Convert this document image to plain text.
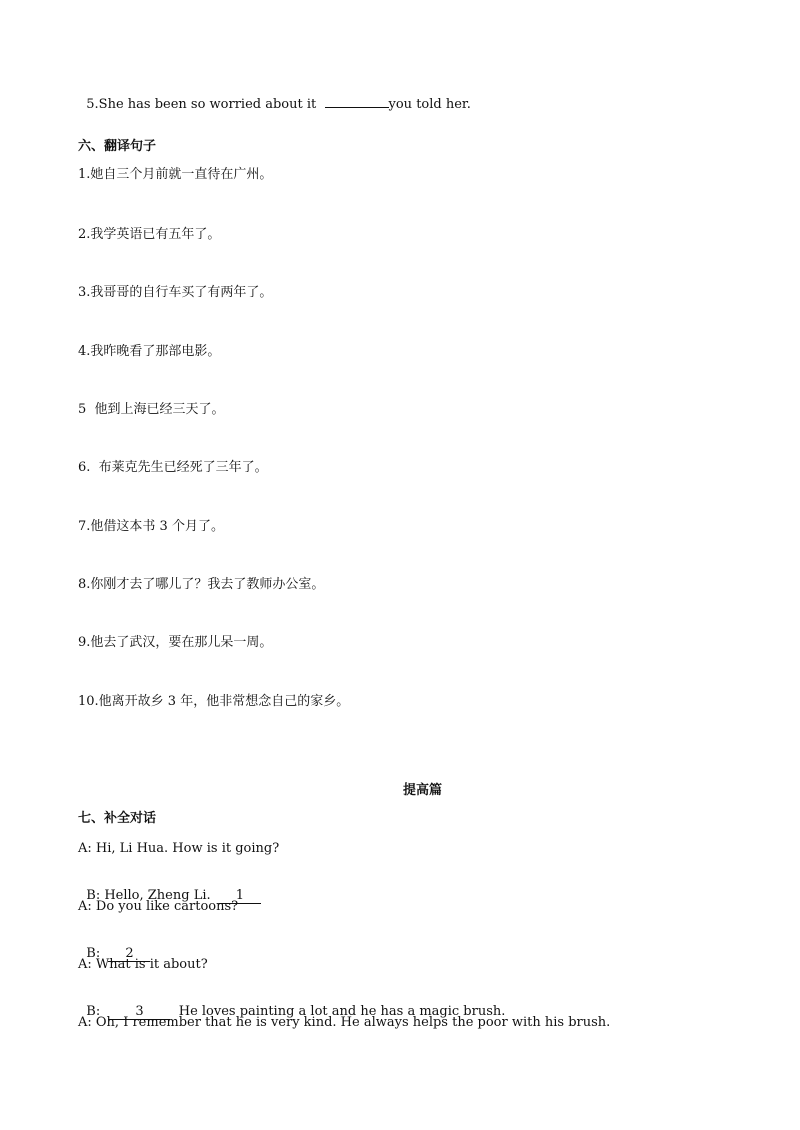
5.She has been so worried about it	you told her.

六、翻译句子
1.她自三个月前就一直待在广州。
2.我学英语已有五年了。
3.我哥哥的自行车买了有两年了。
4.我昨晚看了那部电影。
5  他到上海已经三天了。
6.  布莱克先生已经死了三年了。
7.他借这本书 3 个月了。
8.你刚才去了哪儿了？我去了教师办公室。
9.他去了武汉，要在那儿呆一周。
10.他离开故乡 3 年，他非常想念自己的家乡。
提高篇
七、补全对话
A: Hi, Li Hua. How is it going?

B: Hello, Zheng Li.  1

A: Do you like cartoons?

B:  2

A: What is it about?

B:  3  He loves painting a lot and he has a magic brush.

A: Oh, I remember that he is very kind. He always helps the poor with his brush.
